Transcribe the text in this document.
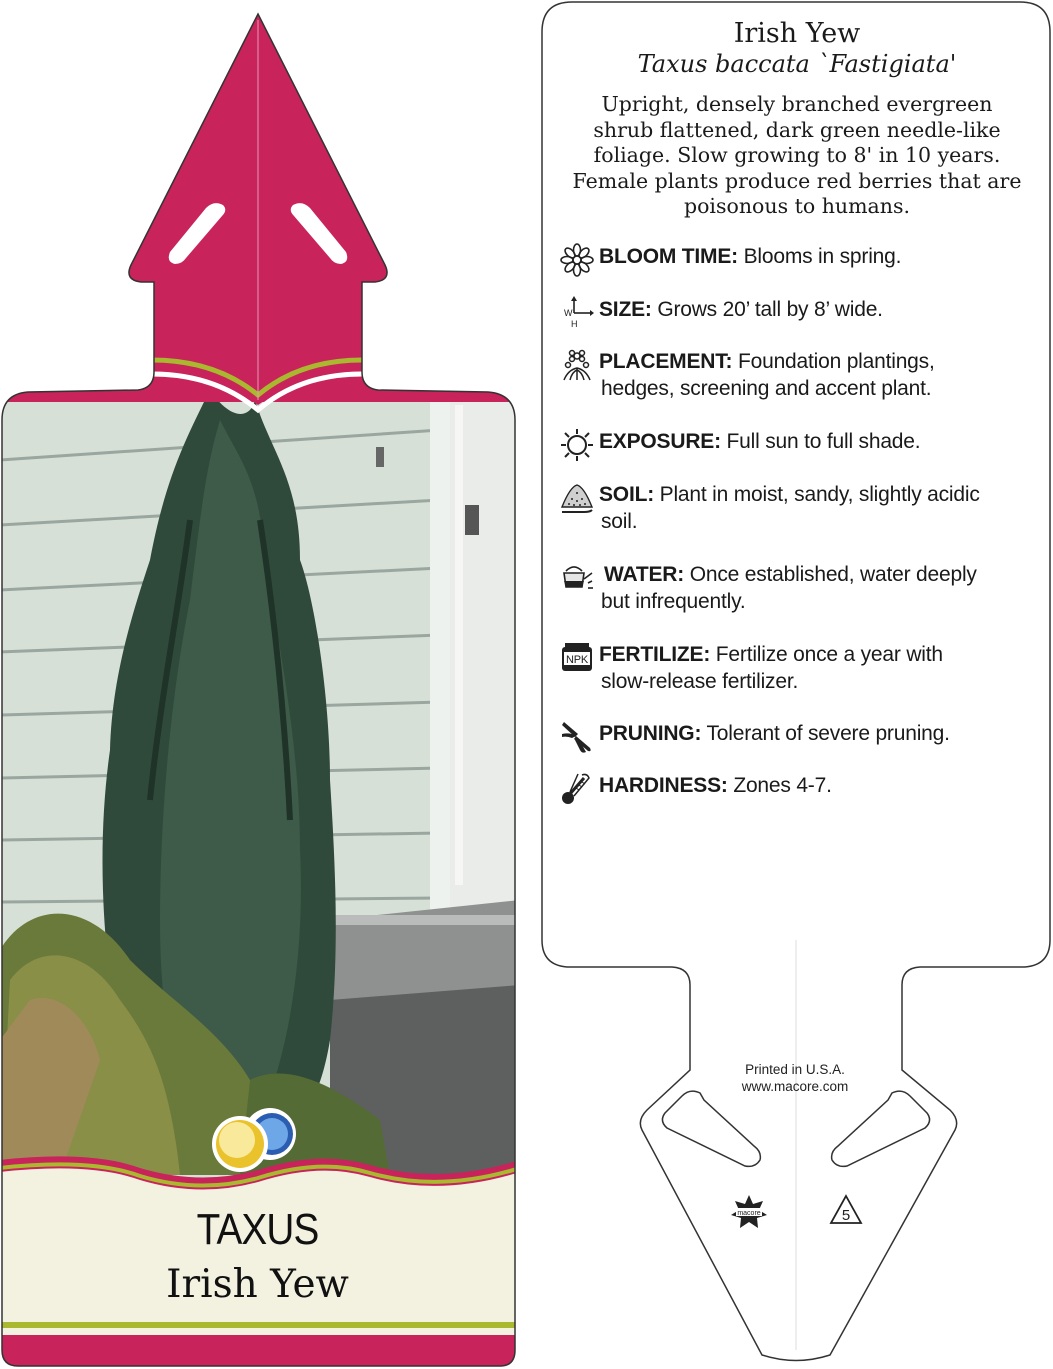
TAXUS
Irish Yew
macore	5
Irish Yew
Taxus baccata `Fastigiata'
Upright, densely branched evergreen shrub flattened, dark green needle-like foliage. Slow growing to 8' in 10 years. Female plants produce red berries that are poisonous to humans.
BLOOM TIME: Blooms in spring.
W
H
SIZE: Grows 20’ tall by 8’ wide.
PLACEMENT: Foundation plantings,
hedges, screening and accent plant.
EXPOSURE: Full sun to full shade.
SOIL: Plant in moist, sandy, slightly acidic
soil.
WATER: Once established, water deeply
but infrequently.
NPK FERTILIZE: Fertilize once a year with
slow-release fertilizer.
PRUNING: Tolerant of severe pruning.
HARDINESS: Zones 4-7.
Printed in U.S.A.
www.macore.com
